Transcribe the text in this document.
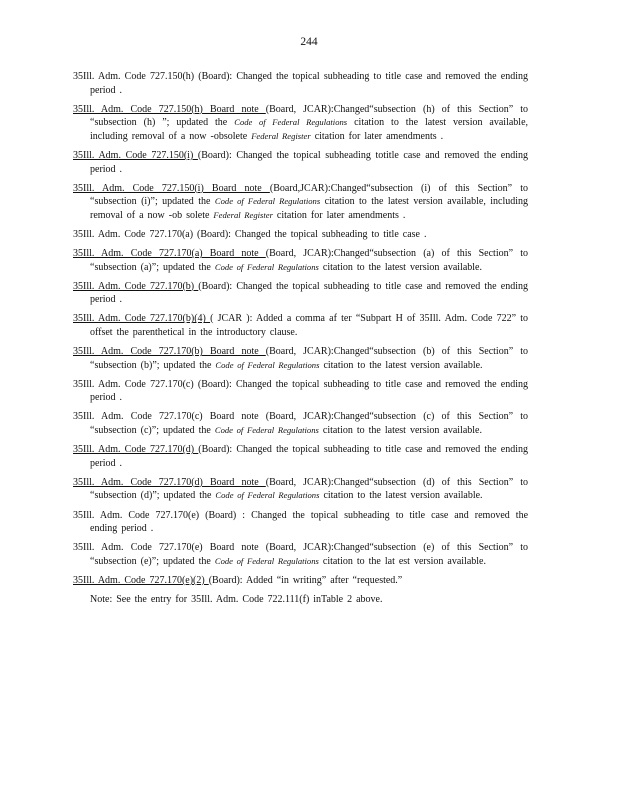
244

35Ill. Adm. Code 727.150(h) (Board): Changed the topical subheading to title case and removed the ending period .

35Ill. Adm. Code 727.150(h) Board note (Board, JCAR):Changed“subsection (h) of this Section” to “subsection (h) ”; updated the Code of Federal Regulations citation to the latest version available, including removal of a now -obsolete Federal Register citation for later amendments .

35Ill. Adm. Code 727.150(i) (Board): Changed the topical subheading totitle case and removed the ending period .

35Ill. Adm. Code 727.150(i) Board note (Board,JCAR):Changed“subsection (i) of this Section” to “subsection (i)”; updated the Code of Federal Regulations citation to the latest version available, including removal of a now -ob solete Federal Register citation for later amendments .

35Ill. Adm. Code 727.170(a) (Board): Changed the topical subheading to title case .

35Ill. Adm. Code 727.170(a) Board note (Board, JCAR):Changed“subsection (a) of this Section” to “subsection (a)”; updated the Code of Federal Regulations citation to the latest version available.

35Ill. Adm. Code 727.170(b) (Board): Changed the topical subheading to title case and removed the ending period .

35Ill. Adm. Code 727.170(b)(4) ( JCAR ): Added a comma af ter “Subpart H of 35Ill. Adm. Code 722” to offset the parenthetical in the introductory clause.

35Ill. Adm. Code 727.170(b) Board note (Board, JCAR):Changed“subsection (b) of this Section” to “subsection (b)”; updated the Code of Federal Regulations citation to the latest version available.

35Ill. Adm. Code 727.170(c) (Board): Changed the topical subheading to title case and removed the ending period .

35Ill. Adm. Code 727.170(c) Board note (Board, JCAR):Changed“subsection (c) of this Section” to “subsection (c)”; updated the Code of Federal Regulations citation to the latest version available.

35Ill. Adm. Code 727.170(d) (Board): Changed the topical subheading to title case and removed the ending period .

35Ill. Adm. Code 727.170(d) Board note (Board, JCAR):Changed“subsection (d) of this Section” to “subsection (d)”; updated the Code of Federal Regulations citation to the latest version available.

35Ill. Adm. Code 727.170(e) (Board) : Changed the topical subheading to title case and removed the ending period .

35Ill. Adm. Code 727.170(e) Board note (Board, JCAR):Changed“subsection (e) of this Section” to “subsection (e)”; updated the Code of Federal Regulations citation to the lat est version available.

35Ill. Adm. Code 727.170(e)(2) (Board): Added “in writing” after “requested.”

Note: See the entry for 35Ill. Adm. Code 722.111(f) inTable 2 above.
